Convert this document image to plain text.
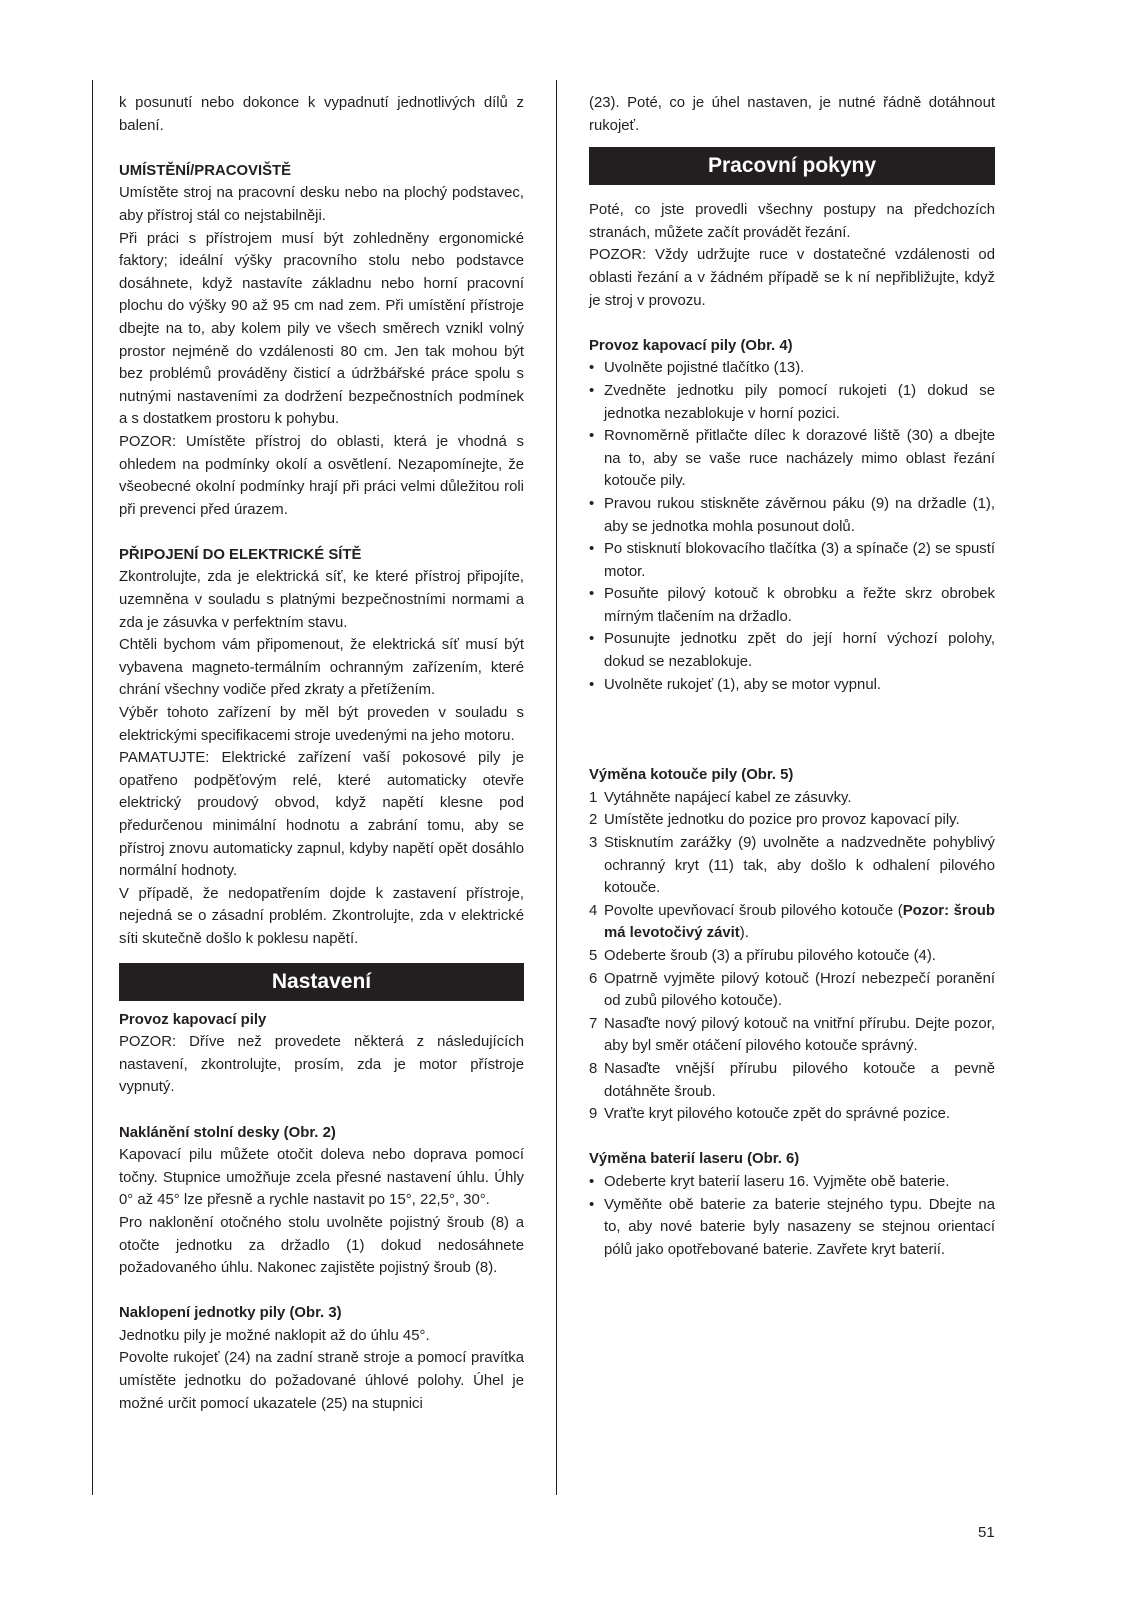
k posunutí nebo dokonce k vypadnutí jednotlivých dílů z balení.

UMÍSTĚNÍ/PRACOVIŠTĚ

Umístěte stroj na pracovní desku nebo na plochý podstavec, aby přístroj stál co nejstabilněji.

Při práci s přístrojem musí být zohledněny ergonomické faktory; ideální výšky pracovního stolu nebo podstavce dosáhnete, když nastavíte základnu nebo horní pracovní plochu do výšky 90 až 95 cm nad zem. Při umístění přístroje dbejte na to, aby kolem pily ve všech směrech vznikl volný prostor nejméně do vzdálenosti 80 cm. Jen tak mohou být bez problémů prováděny čisticí a údržbářské práce spolu s nutnými nastaveními za dodržení bezpečnostních podmínek a s dostatkem prostoru k pohybu.

POZOR: Umístěte přístroj do oblasti, která je vhodná s ohledem na podmínky okolí a osvětlení. Nezapomínejte, že všeobecné okolní podmínky hrají při práci velmi důležitou roli při prevenci před úrazem.

PŘIPOJENÍ DO ELEKTRICKÉ SÍTĚ

Zkontrolujte, zda je elektrická síť, ke které přístroj připojíte, uzemněna v souladu s platnými bezpečnostními normami a zda je zásuvka v perfektním stavu.

Chtěli bychom vám připomenout, že elektrická síť musí být vybavena magneto-termálním ochranným zařízením, které chrání všechny vodiče před zkraty a přetížením.

Výběr tohoto zařízení by měl být proveden v souladu s elektrickými specifikacemi stroje uvedenými na jeho motoru.

PAMATUJTE: Elektrické zařízení vaší pokosové pily je opatřeno podpěťovým relé, které automaticky otevře elektrický proudový obvod, když napětí klesne pod předurčenou minimální hodnotu a zabrání tomu, aby se přístroj znovu automaticky zapnul, kdyby napětí opět dosáhlo normální hodnoty.

V případě, že nedopatřením dojde k zastavení přístroje, nejedná se o zásadní problém. Zkontrolujte, zda v elektrické síti skutečně došlo k poklesu napětí.

Nastavení
Provoz kapovací pily

POZOR: Dříve než provedete některá z následujících nastavení, zkontrolujte, prosím, zda je motor přístroje vypnutý.

Naklánění stolní desky (Obr. 2)

Kapovací pilu můžete otočit doleva nebo doprava pomocí točny. Stupnice umožňuje zcela přesné nastavení úhlu. Úhly 0° až 45° lze přesně a rychle nastavit po 15°, 22,5°, 30°.

Pro naklonění otočného stolu uvolněte pojistný šroub (8) a otočte jednotku za držadlo (1) dokud nedosáhnete požadovaného úhlu. Nakonec zajistěte pojistný šroub (8).

Naklopení jednotky pily (Obr. 3)

Jednotku pily je možné naklopit až do úhlu 45°.

Povolte rukojeť (24) na zadní straně stroje a pomocí pravítka umístěte jednotku do požadované úhlové polohy. Úhel je možné určit pomocí ukazatele (25) na stupnici

(23). Poté, co je úhel nastaven, je nutné řádně dotáhnout rukojeť.

Pracovní pokyny

Poté, co jste provedli všechny postupy na předchozích stranách, můžete začít provádět řezání.

POZOR: Vždy udržujte ruce v dostatečné vzdálenosti od oblasti řezání a v žádném případě se k ní nepřibližujte, když je stroj v provozu.

Provoz kapovací pily (Obr. 4)
• Uvolněte pojistné tlačítko (13).
• Zvedněte jednotku pily pomocí rukojeti (1) dokud se jednotka nezablokuje v horní pozici.
• Rovnoměrně přitlačte dílec k dorazové liště (30) a dbejte na to, aby se vaše ruce nacházely mimo oblast řezání kotouče pily.
• Pravou rukou stiskněte závěrnou páku (9) na držadle (1), aby se jednotka mohla posunout dolů.
• Po stisknutí blokovacího tlačítka (3) a spínače (2) se spustí motor.
• Posuňte pilový kotouč k obrobku a řežte skrz obrobek mírným tlačením na držadlo.
• Posunujte jednotku zpět do její horní výchozí polohy, dokud se nezablokuje.
• Uvolněte rukojeť (1), aby se motor vypnul.
Výměna kotouče pily (Obr. 5)
1 Vytáhněte napájecí kabel ze zásuvky.
2 Umístěte jednotku do pozice pro provoz kapovací pily.
3 Stisknutím zarážky (9) uvolněte a nadzvedněte pohyblivý ochranný kryt (11) tak, aby došlo k odhalení pilového kotouče.
4 Povolte upevňovací šroub pilového kotouče (Pozor: šroub má levotočivý závit).
5 Odeberte šroub (3) a přírubu pilového kotouče (4).
6 Opatrně vyjměte pilový kotouč (Hrozí nebezpečí poranění od zubů pilového kotouče).
7 Nasaďte nový pilový kotouč na vnitřní přírubu. Dejte pozor, aby byl směr otáčení pilového kotouče správný.
8 Nasaďte vnější přírubu pilového kotouče a pevně dotáhněte šroub.
9 Vraťte kryt pilového kotouče zpět do správné pozice.
Výměna baterií laseru (Obr. 6)
• Odeberte kryt baterií laseru 16. Vyjměte obě baterie.
• Vyměňte obě baterie za baterie stejného typu. Dbejte na to, aby nové baterie byly nasazeny se stejnou orientací pólů jako opotřebované baterie. Zavřete kryt baterií.
51
